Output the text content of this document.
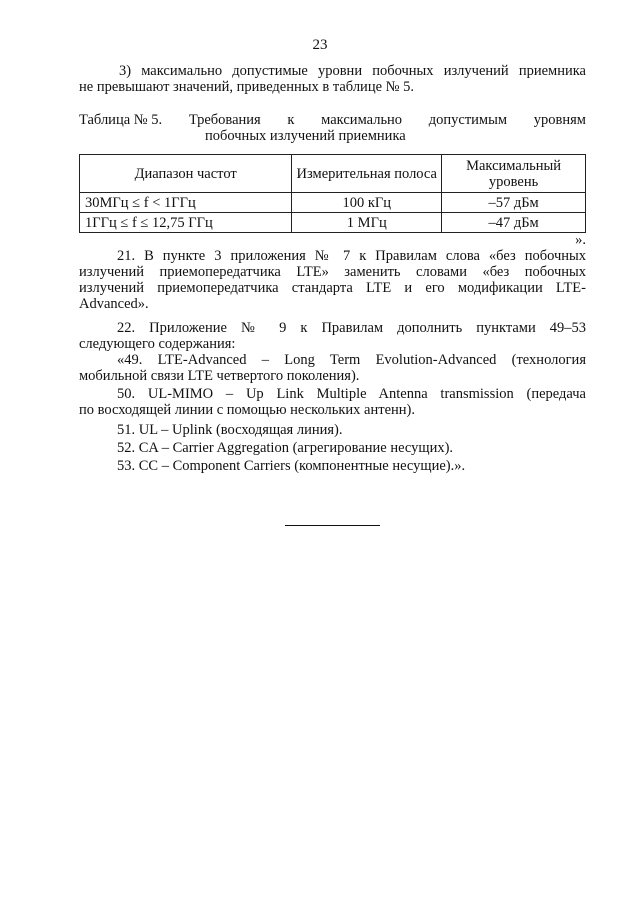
23
3) максимально допустимые уровни побочных излучений приемника
не превышают значений, приведенных в таблице № 5.
Таблица № 5. Требования к максимально допустимым уровням
побочных излучений приемника
Диапазон частот	Измерительная полоса	Максимальный уровень
30МГц ≤ f < 1ГГц	100 кГц	–57 дБм
1ГГц ≤ f ≤ 12,75 ГГц	1 МГц	–47 дБм
».
21. В пункте 3 приложения № 7 к Правилам слова «без побочных
излучений приемопередатчика LTE» заменить словами «без побочных
излучений приемопередатчика стандарта LTE и его модификации LTE-
Advanced».
22. Приложение № 9 к Правилам дополнить пунктами 49–53
следующего содержания:
«49. LTE-Advanced – Long Term Evolution-Advanced (технология
мобильной связи LTE четвертого поколения).
50. UL-MIMO – Up Link Multiple Antenna transmission (передача
по восходящей линии с помощью нескольких антенн).
51. UL – Uplink (восходящая линия).
52. CA – Carrier Aggregation (агрегирование несущих).
53. CC – Component Carriers (компонентные несущие).».
